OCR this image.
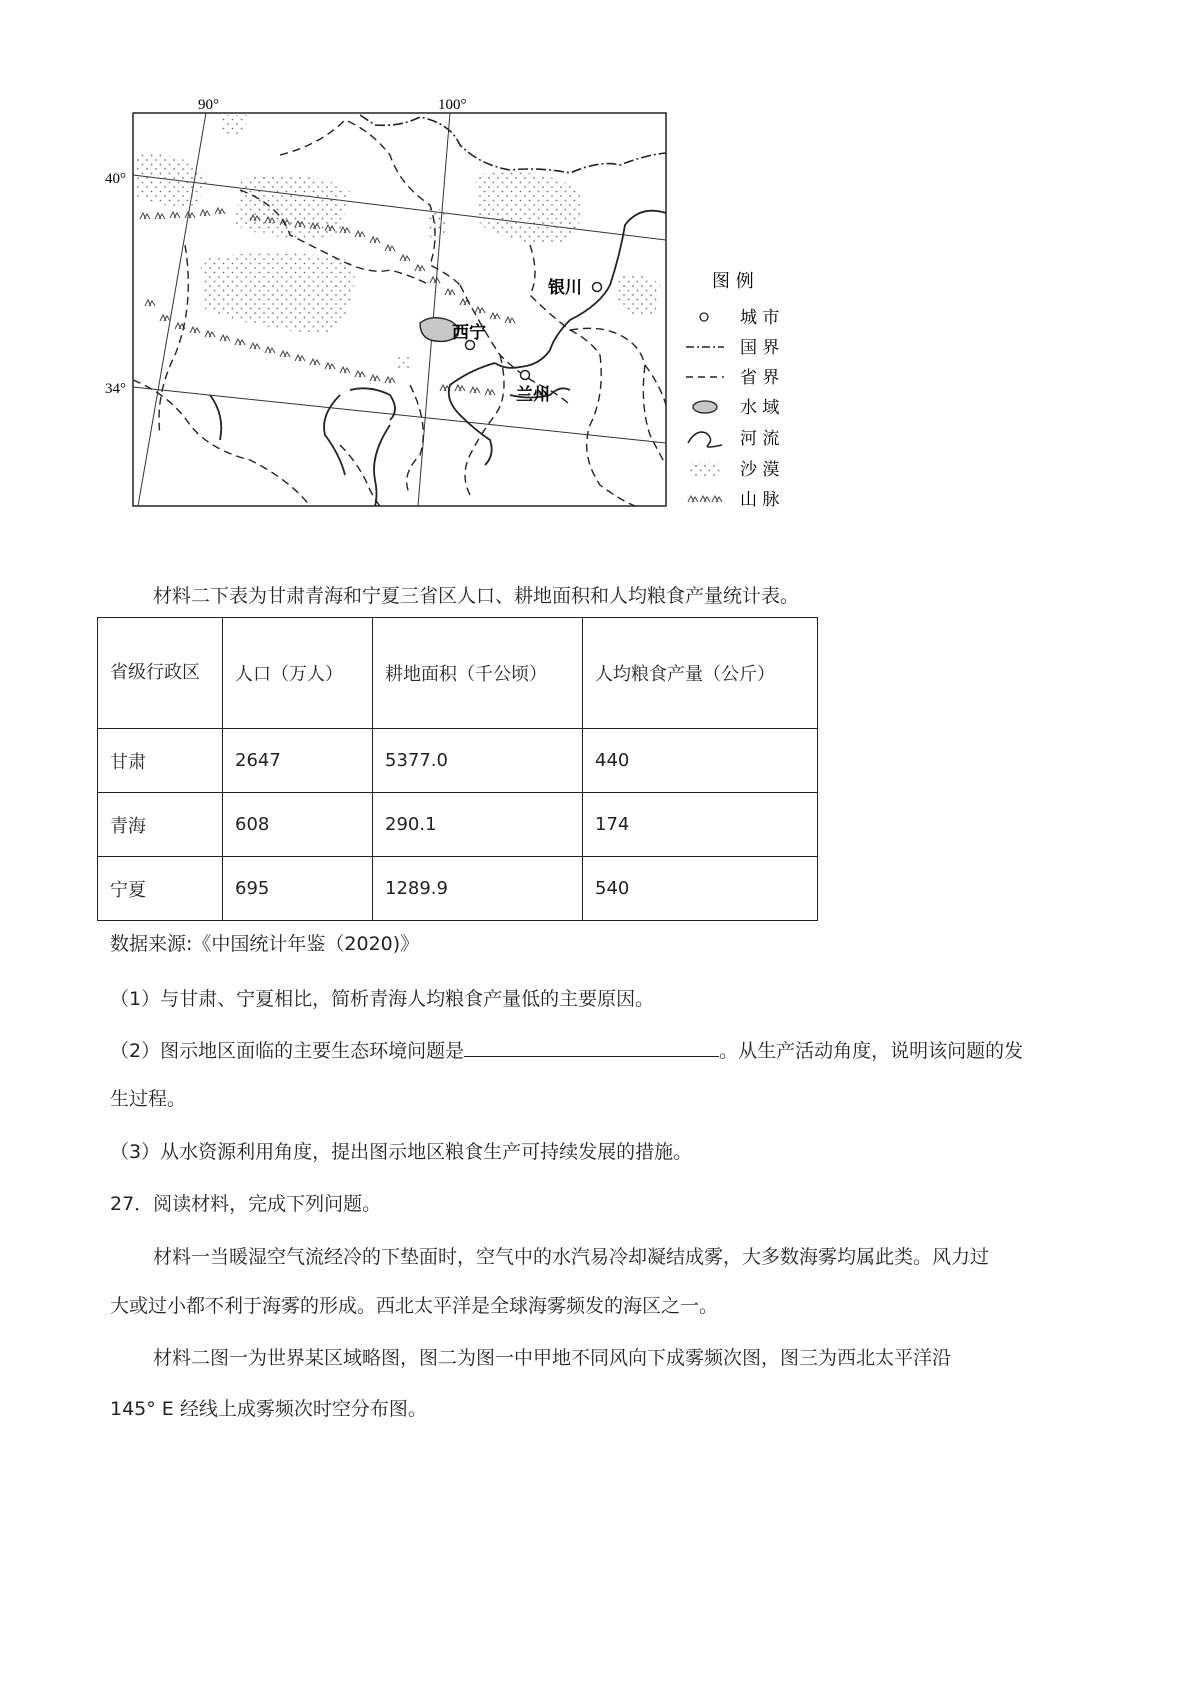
银川
西宁
兰州
90°	100°
40°
34°
图 例
城 市
国 界
省 界
水 域
河 流
沙 漠
山 脉
材料二下表为甘肃青海和宁夏三省区人口、耕地面积和人均粮食产量统计表。
省级行政区	人口（万人）	耕地面积（千公顷）	人均粮食产量（公斤）
甘肃	2647	5377.0	440
青海	608	290.1	174
宁夏	695	1289.9	540
数据来源:《中国统计年鉴（2020)》
（1）与甘肃、宁夏相比，简析青海人均粮食产量低的主要原因。
（2）图示地区面临的主要生态环境问题是	。从生产活动角度，说明该问题的发
生过程。
（3）从水资源利用角度，提出图示地区粮食生产可持续发展的措施。
27．阅读材料，完成下列问题。
材料一当暖湿空气流经冷的下垫面时，空气中的水汽易冷却凝结成雾，大多数海雾均属此类。风力过
大或过小都不利于海雾的形成。西北太平洋是全球海雾频发的海区之一。
材料二图一为世界某区域略图，图二为图一中甲地不同风向下成雾频次图，图三为西北太平洋沿
145° E 经线上成雾频次时空分布图。
